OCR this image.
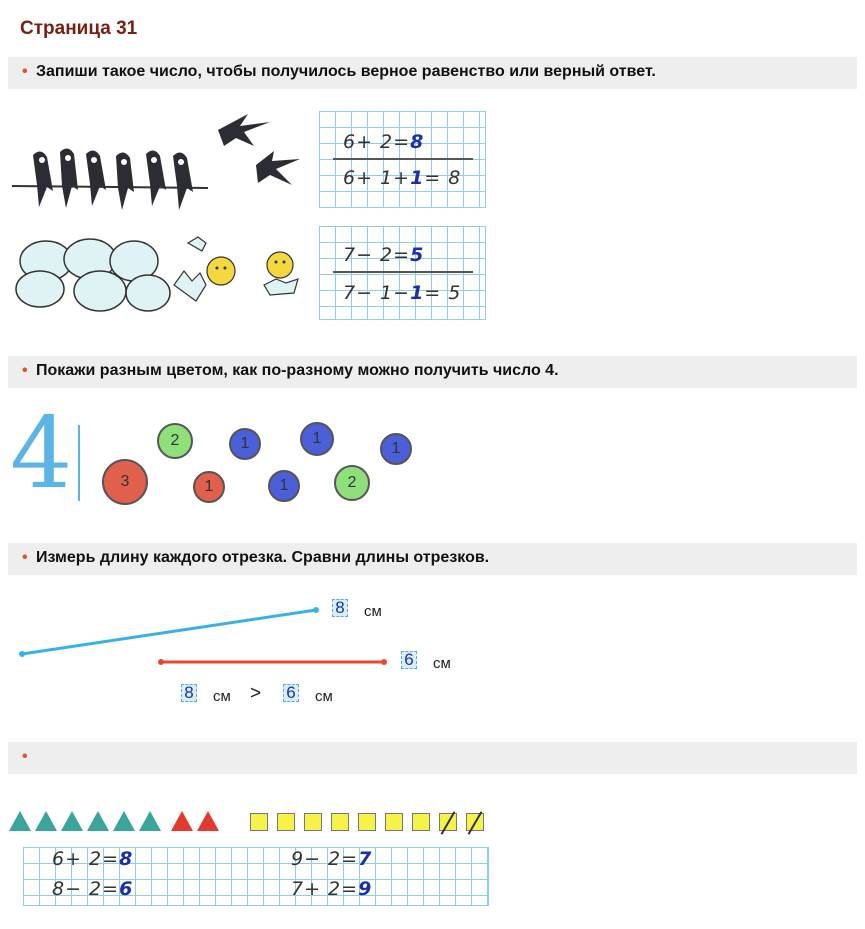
Страница 31
• Запиши такое число, чтобы получилось верное равенство или верный ответ.
6+ 2=8
6+ 1+1= 8
7− 2=5
7− 1−1= 5
• Покажи разным цветом, как по-разному можно получить число 4.
4	3
2
1
1
1
1
2
1
• Измерь длину каждого отрезка. Сравни длины отрезков.
8 см
6 см
8 см > 6 см
•
6+ 2=8
8− 2=6
9− 2=7
7+ 2=9
